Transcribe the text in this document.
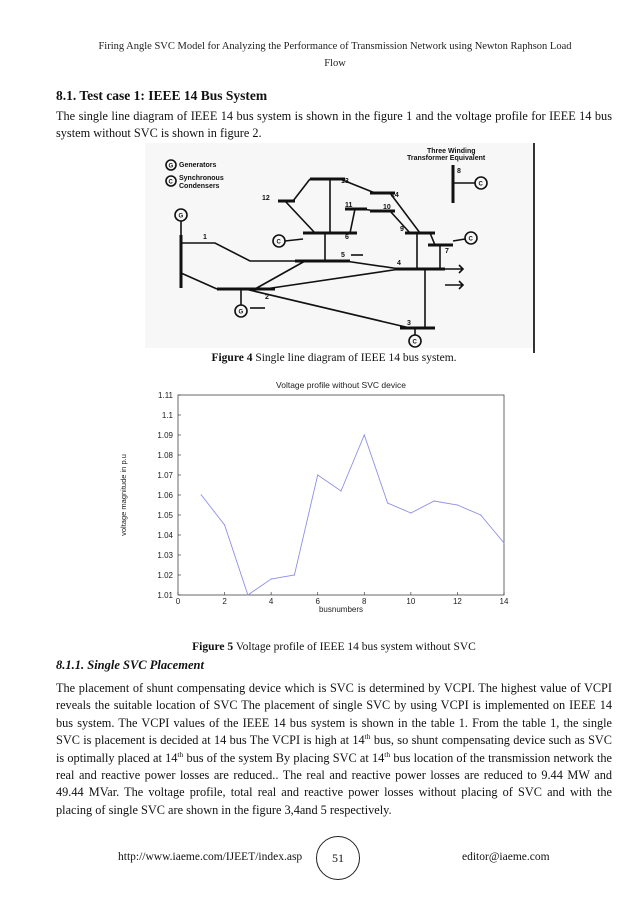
Firing Angle SVC Model for Analyzing the Performance of Transmission Network using Newton Raphson Load
Flow
8.1. Test case 1: IEEE 14 Bus System
The single line diagram of IEEE 14 bus system is shown in the figure 1 and the voltage profile for IEEE 14 bus system without SVC is shown in figure 2.
Generators
Synchronous
Condensers
Three Winding
Transformer Equivalent
G
C
G
G
C
C	C
C
1
2
3
4
5
6
7
8
9
10
11
12
13
14
Figure 4 Single line diagram of IEEE 14 bus system.
Voltage profile without SVC device
1.01
1.02
1.03
1.04
1.05
1.06
1.07
1.08
1.09
1.1
1.11
0	2	4	6	8	10	12	14
busnumbers
voltage magnitude in p.u
Figure 5 Voltage profile of IEEE 14 bus system without SVC
8.1.1. Single SVC Placement
The placement of shunt compensating device which is SVC is determined by VCPI. The highest value of VCPI reveals the suitable location of SVC The placement of single SVC by using VCPI is implemented on IEEE 14 bus system. The VCPI values of the IEEE 14 bus system is shown in the table 1. From the table 1, the single SVC is placement is decided at 14 bus The VCPI is high at 14th bus, so shunt compensating device such as SVC is optimally placed at 14th bus of the system By placing SVC at 14th bus location of the transmission network the real and reactive power losses are reduced.. The real and reactive power losses are reduced to 9.44 MW and 49.44 MVar. The voltage profile, total real and reactive power losses without placing of SVC and with the placing of single SVC are shown in the figure 3,4and 5 respectively.
http://www.iaeme.com/IJEET/index.asp	51	editor@iaeme.com
